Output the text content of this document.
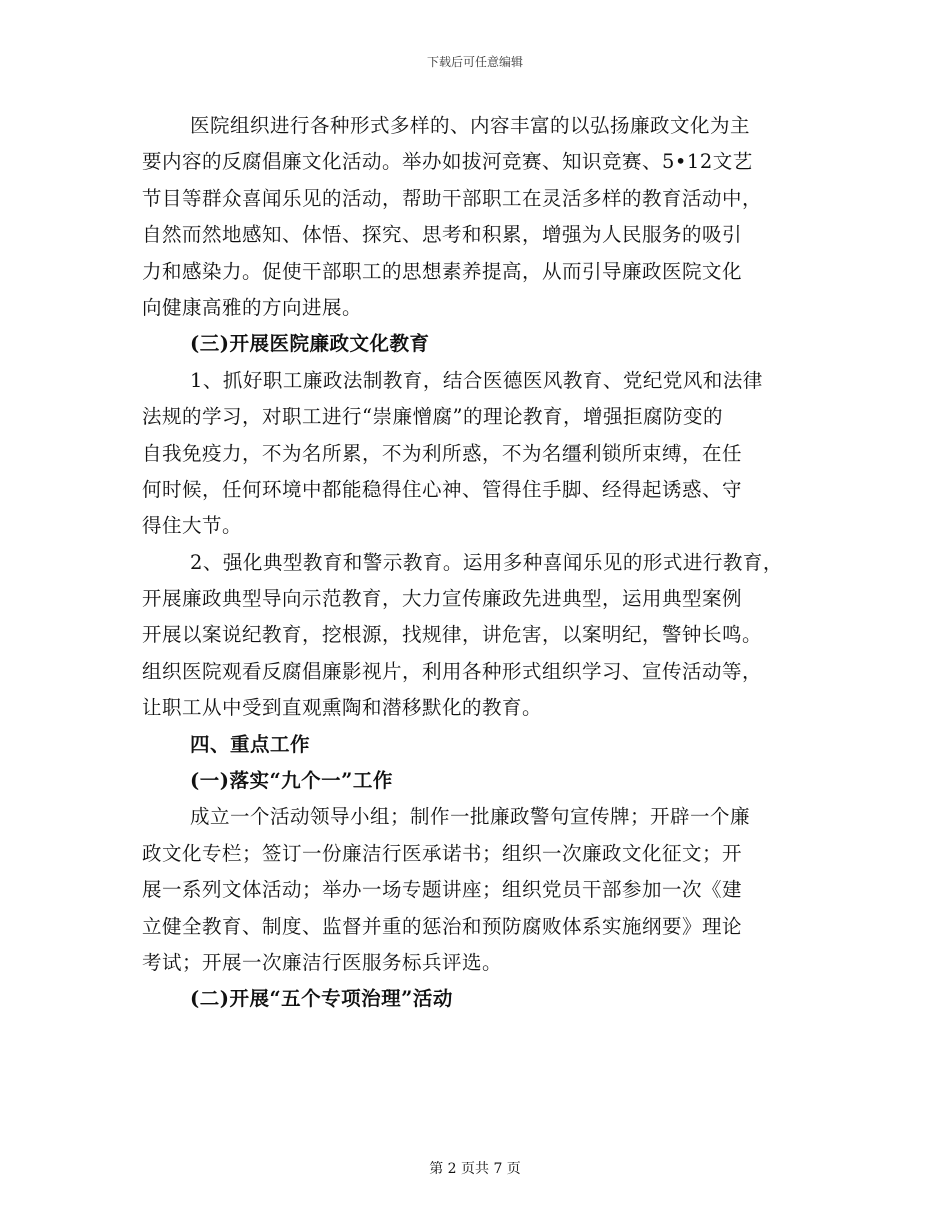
下载后可任意编辑
医院组织进行各种形式多样的、内容丰富的以弘扬廉政文化为主
要内容的反腐倡廉文化活动。举办如拔河竞赛、知识竞赛、5•12文艺
节目等群众喜闻乐见的活动，帮助干部职工在灵活多样的教育活动中，
自然而然地感知、体悟、探究、思考和积累，增强为人民服务的吸引
力和感染力。促使干部职工的思想素养提高，从而引导廉政医院文化
向健康高雅的方向进展。
(三)开展医院廉政文化教育
1、抓好职工廉政法制教育，结合医德医风教育、党纪党风和法律
法规的学习，对职工进行“崇廉憎腐”的理论教育，增强拒腐防变的
自我免疫力，不为名所累，不为利所惑，不为名缰利锁所束缚，在任
何时候，任何环境中都能稳得住心神、管得住手脚、经得起诱惑、守
得住大节。
2、强化典型教育和警示教育。运用多种喜闻乐见的形式进行教育，
开展廉政典型导向示范教育，大力宣传廉政先进典型，运用典型案例
开展以案说纪教育，挖根源，找规律，讲危害，以案明纪，警钟长鸣。
组织医院观看反腐倡廉影视片，利用各种形式组织学习、宣传活动等，
让职工从中受到直观熏陶和潜移默化的教育。
四、重点工作
(一)落实“九个一”工作
成立一个活动领导小组；制作一批廉政警句宣传牌；开辟一个廉
政文化专栏；签订一份廉洁行医承诺书；组织一次廉政文化征文；开
展一系列文体活动；举办一场专题讲座；组织党员干部参加一次《建
立健全教育、制度、监督并重的惩治和预防腐败体系实施纲要》理论
考试；开展一次廉洁行医服务标兵评选。
(二)开展“五个专项治理”活动
第 2 页共 7 页
